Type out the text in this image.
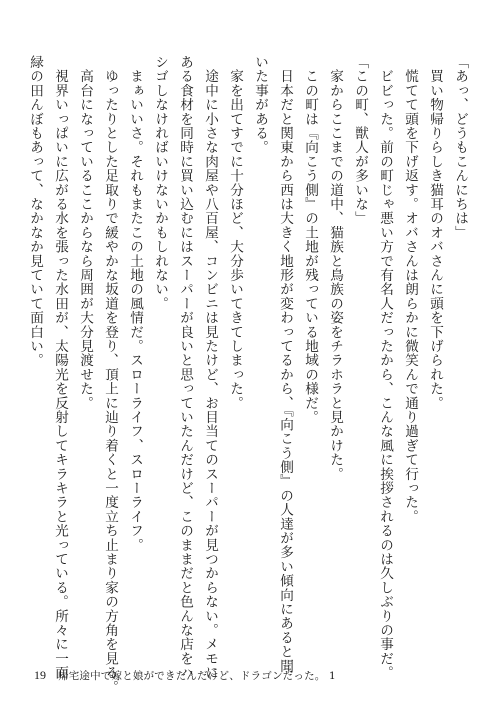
「あっ、どうもこんにちは」
　買い物帰りらしき猫耳のオバさんに頭を下げられた。
　慌てて頭を下げ返す。オバさんは朗らかに微笑んで通り過ぎて行った。
　ビビった。前の町じゃ悪い方で有名人だったから、こんな風に挨拶されるのは久しぶりの事だ。
「この町、獣人が多いな」
　家からここまでの道中、猫族と鳥族の姿をチラホラと見かけた。
　この町は『向こう側』の土地が残っている地域の様だ。
　日本だと関東から西は大きく地形が変わってるから、『向こう側』の人達が多い傾向にあると聞
いた事がある。
　家を出てすでに十分ほど、大分歩いてきてしまった。
　途中に小さな肉屋や八百屋、コンビニは見たけど、お目当てのスーパーが見つからない。メモに
ある食材を同時に買い込むにはスーパーが良いと思っていたんだけど、このままだと色んな店をハ
シゴしなければいけないかもしれない。
　まぁいいさ。それもまたこの土地の風情だ。スローライフ、スローライフ。
　ゆったりとした足取りで緩やかな坂道を登り、頂上に辿り着くと一度立ち止まり家の方角を見る。
　高台になっているここからなら周囲が大分見渡せた。
　視界いっぱいに広がる水を張った水田が、太陽光を反射してキラキラと光っている。所々に一面
緑の田んぼもあって、なかなか見ていて面白い。
19 帰宅途中で嫁と娘ができたんだけど、ドラゴンだった。 1
